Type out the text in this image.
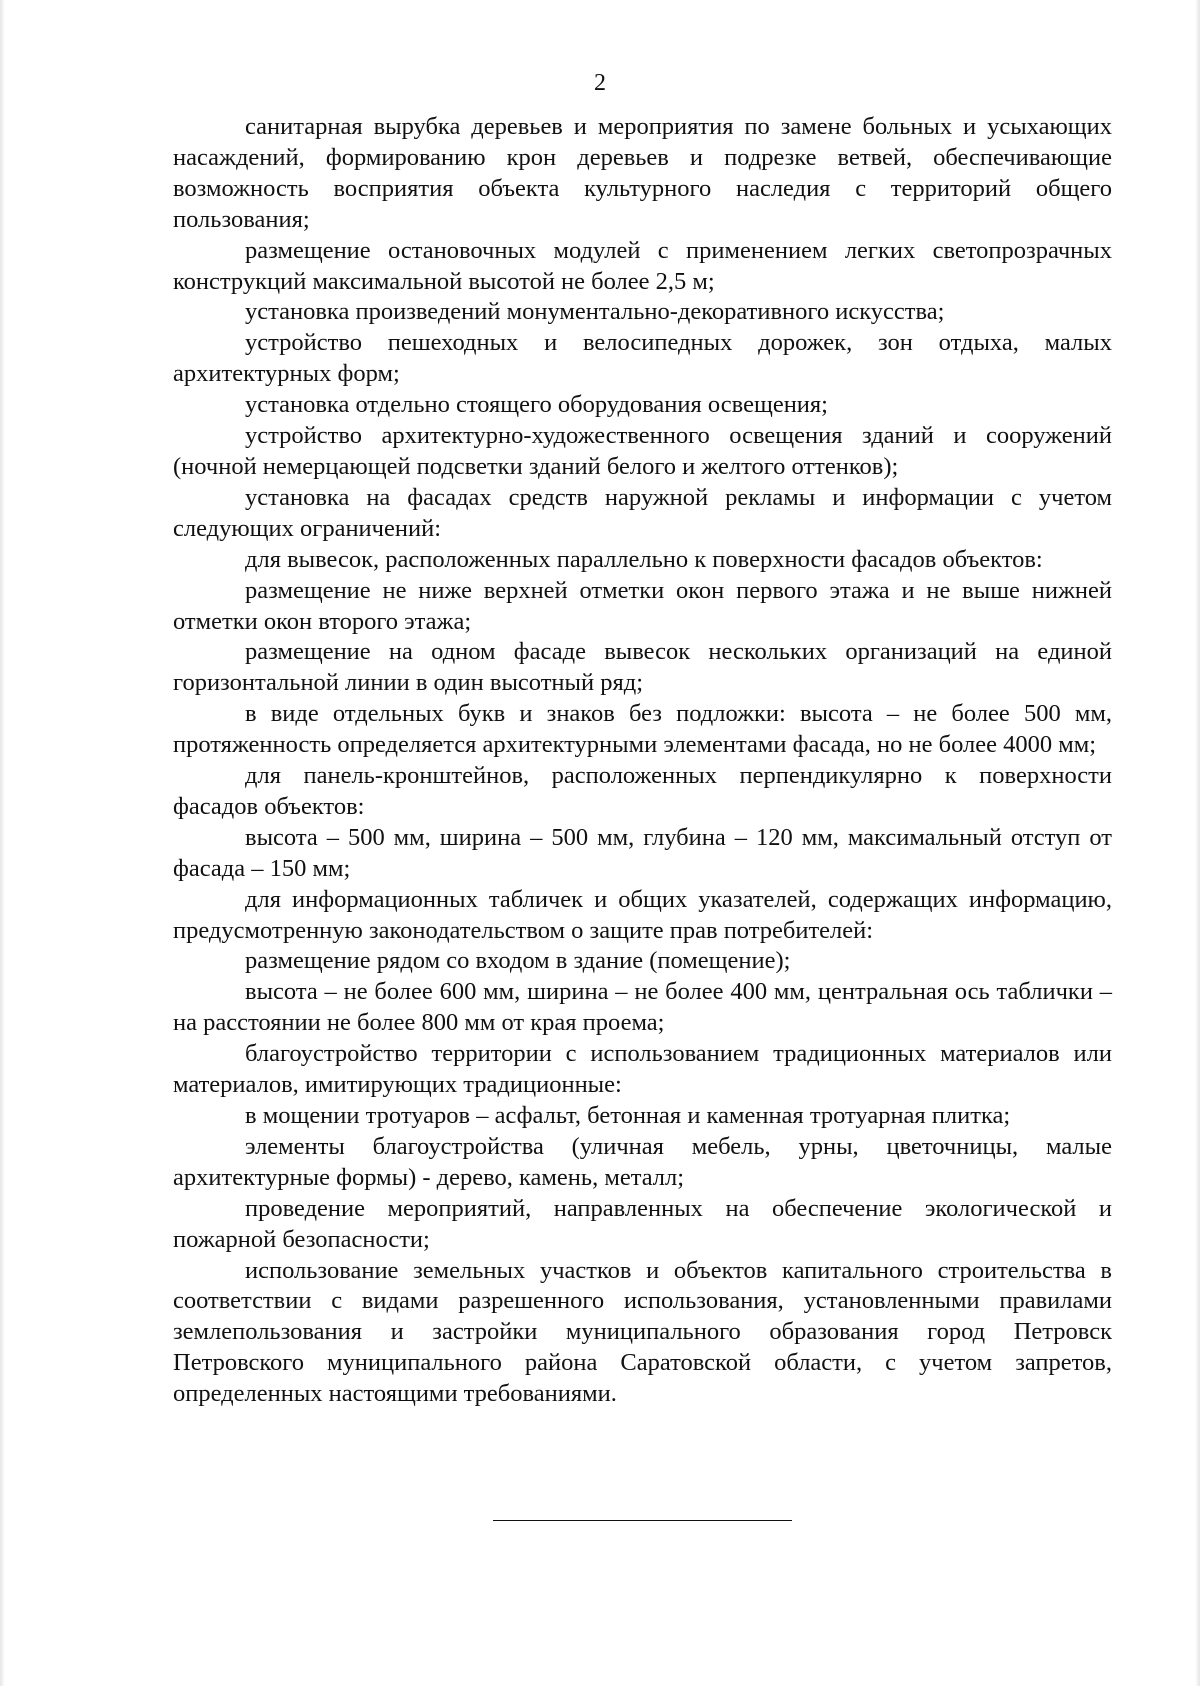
2

санитарная вырубка деревьев и мероприятия по замене больных и усыхающих насаждений, формированию крон деревьев и подрезке ветвей, обеспечивающие возможность восприятия объекта культурного наследия с территорий общего пользования;

размещение остановочных модулей с применением легких светопрозрачных конструкций максимальной высотой не более 2,5 м;

установка произведений монументально-декоративного искусства;

устройство пешеходных и велосипедных дорожек, зон отдыха, малых архитектурных форм;

установка отдельно стоящего оборудования освещения;

устройство архитектурно-художественного освещения зданий и сооружений (ночной немерцающей подсветки зданий белого и желтого оттенков);

установка на фасадах средств наружной рекламы и информации с учетом следующих ограничений:

для вывесок, расположенных параллельно к поверхности фасадов объектов:

размещение не ниже верхней отметки окон первого этажа и не выше нижней отметки окон второго этажа;

размещение на одном фасаде вывесок нескольких организаций на единой горизонтальной линии в один высотный ряд;

в виде отдельных букв и знаков без подложки: высота – не более 500 мм, протяженность определяется архитектурными элементами фасада, но не более 4000 мм;

для панель-кронштейнов, расположенных перпендикулярно к поверхности фасадов объектов:

высота – 500 мм, ширина – 500 мм, глубина – 120 мм, максимальный отступ от фасада – 150 мм;

для информационных табличек и общих указателей, содержащих информацию, предусмотренную законодательством о защите прав потребителей:

размещение рядом со входом в здание (помещение);

высота – не более 600 мм, ширина – не более 400 мм, центральная ось таблички – на расстоянии не более 800 мм от края проема;

благоустройство территории с использованием традиционных материалов или материалов, имитирующих традиционные:

в мощении тротуаров – асфальт, бетонная и каменная тротуарная плитка;

элементы благоустройства (уличная мебель, урны, цветочницы, малые архитектурные формы) - дерево, камень, металл;

проведение мероприятий, направленных на обеспечение экологической и пожарной безопасности;

использование земельных участков и объектов капитального строительства в соответствии с видами разрешенного использования, установленными правилами землепользования и застройки муниципального образования город Петровск Петровского муниципального района Саратовской области, с учетом запретов, определенных настоящими требованиями.
